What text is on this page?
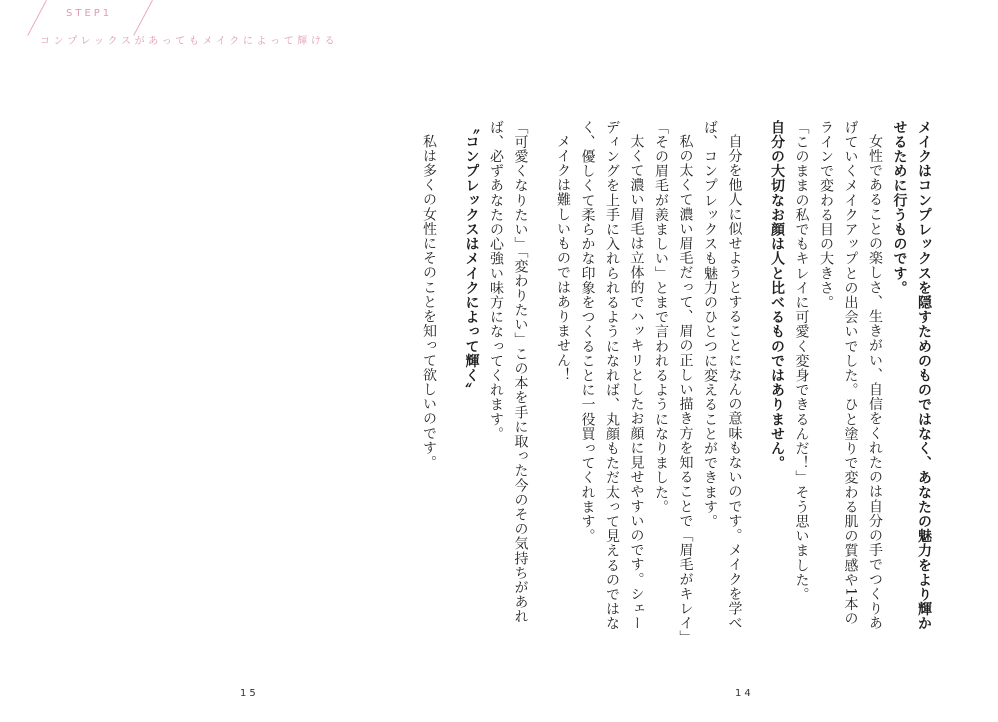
STEP1
コンプレックスがあってもメイクによって輝ける

メイクはコンプレックスを隠すためのものではなく、あなたの魅力をより輝かせるために行うものです。

女性であることの楽しさ、生きがい、自信をくれたのは自分の手でつくりあげていくメイクアップとの出会いでした。ひと塗りで変わる肌の質感や1本のラインで変わる目の大きさ。

「このままの私でもキレイに可愛く変身できるんだ！」そう思いました。

自分の大切なお顔は人と比べるものではありません。

自分を他人に似せようとすることになんの意味もないのです。メイクを学べば、コンプレックスも魅力のひとつに変えることができます。

私の太くて濃い眉毛だって、眉の正しい描き方を知ることで「眉毛がキレイ」「その眉毛が羨ましい」とまで言われるようになりました。

太くて濃い眉毛は立体的でハッキリとしたお顔に見せやすいのです。シェーディングを上手に入れられるようになれば、丸顔もただ太って見えるのではなく、優しくて柔らかな印象をつくることに一役買ってくれます。

メイクは難しいものではありません！

「可愛くなりたい」「変わりたい」この本を手に取った今のその気持ちがあれば、必ずあなたの心強い味方になってくれます。

〝コンプレックスはメイクによって輝く〟

私は多くの女性にそのことを知って欲しいのです。

15	14
